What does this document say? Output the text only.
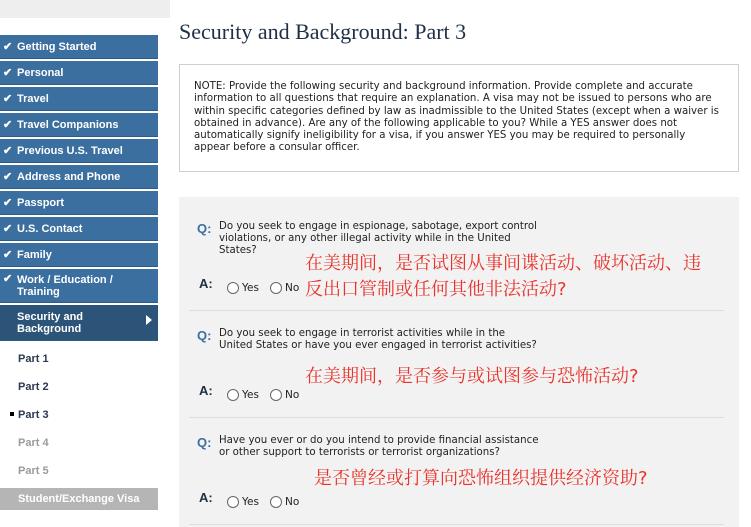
✔ Getting Started
✔ Personal
✔ Travel
✔ Travel Companions
✔ Previous U.S. Travel
✔ Address and Phone
✔ Passport
✔ U.S. Contact
✔ Family
✔ Work / Education / Training
Security and Background
Part 1
Part 2
Part 3
Part 4
Part 5
Student/Exchange Visa
Security and Background: Part 3

NOTE: Provide the following security and background information. Provide complete and accurate information to all questions that require an explanation. A visa may not be issued to persons who are within specific categories defined by law as inadmissible to the United States (except when a waiver is obtained in advance). Are any of the following applicable to you? While a YES answer does not automatically signify ineligibility for a visa, if you answer YES you may be required to personally appear before a consular officer.

Q: Do you seek to engage in espionage, sabotage, export control violations, or any other illegal activity while in the United States?

A:	Yes No

在美期间，是否试图从事间谍活动、破坏活动、违反出口管制或任何其他非法活动?

Q: Do you seek to engage in terrorist activities while in the United States or have you ever engaged in terrorist activities?

A:	Yes No

在美期间，是否参与或试图参与恐怖活动?

Q: Have you ever or do you intend to provide financial assistance or other support to terrorists or terrorist organizations?

A:	Yes No

是否曾经或打算向恐怖组织提供经济资助?
